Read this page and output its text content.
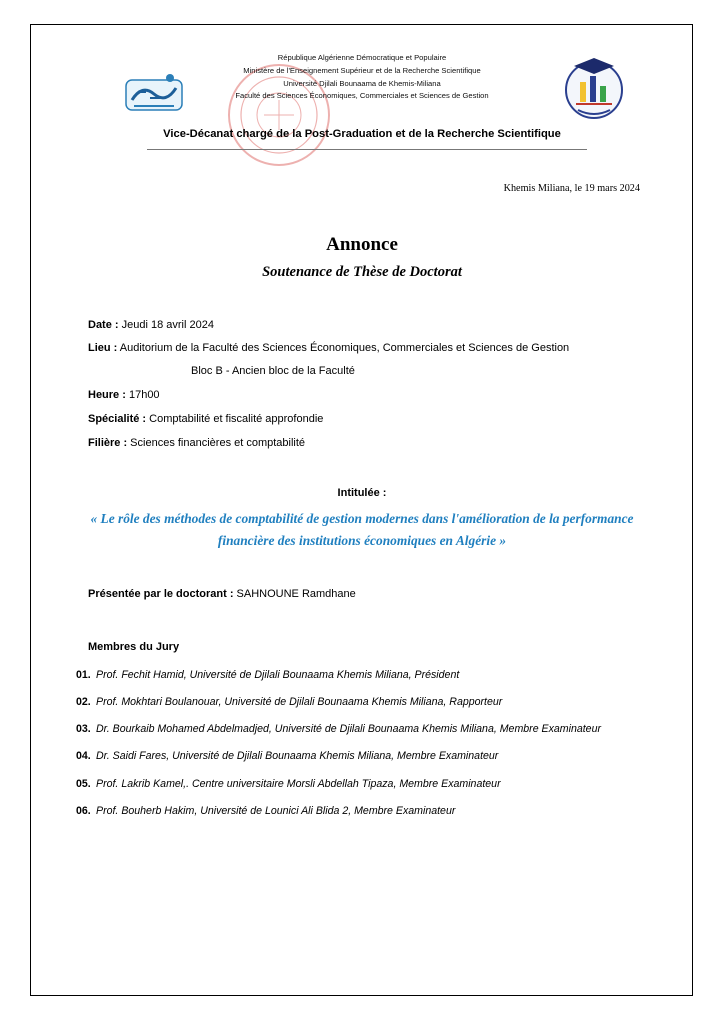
République Algérienne Démocratique et Populaire
Ministère de l'Enseignement Supérieur et de la Recherche Scientifique
Université Djilali Bounaama de Khemis-Miliana
Faculté des Sciences Économiques, Commerciales et Sciences de Gestion
Vice-Décanat chargé de la Post-Graduation et de la Recherche Scientifique
Khemis Miliana, le 19 mars 2024
Annonce
Soutenance de Thèse de Doctorat
Date : Jeudi 18 avril 2024
Lieu : Auditorium de la Faculté des Sciences Économiques, Commerciales et Sciences de Gestion
Bloc B - Ancien bloc de la Faculté
Heure : 17h00
Spécialité : Comptabilité et fiscalité approfondie
Filière : Sciences financières et comptabilité
Intitulée :
« Le rôle des méthodes de comptabilité de gestion modernes dans l'amélioration de la performance financière des institutions économiques en Algérie »
Présentée par le doctorant : SAHNOUNE Ramdhane
Membres du Jury
01. Prof. Fechit Hamid, Université de Djilali Bounaama Khemis Miliana, Président
02. Prof. Mokhtari Boulanouar, Université de Djilali Bounaama Khemis Miliana, Rapporteur
03. Dr. Bourkaib Mohamed Abdelmadjed, Université de Djilali Bounaama Khemis Miliana, Membre Examinateur
04. Dr. Saidi Fares, Université de Djilali Bounaama Khemis Miliana, Membre Examinateur
05. Prof. Lakrib Kamel,. Centre universitaire Morsli Abdellah Tipaza, Membre Examinateur
06. Prof. Bouherb Hakim, Université de Lounici Ali Blida 2, Membre Examinateur
